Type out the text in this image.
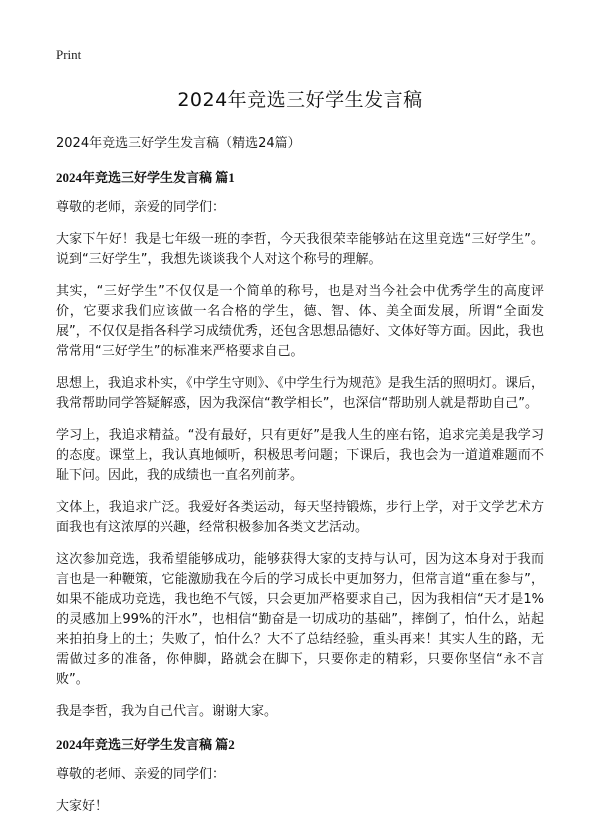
Print
2024年竞选三好学生发言稿

2024年竞选三好学生发言稿（精选24篇）

2024年竞选三好学生发言稿 篇1

尊敬的老师，亲爱的同学们：

大家下午好！我是七年级一班的李哲，今天我很荣幸能够站在这里竞选“三好学生”。说到“三好学生”，我想先谈谈我个人对这个称号的理解。

其实，“三好学生”不仅仅是一个简单的称号，也是对当今社会中优秀学生的高度评价，它要求我们应该做一名合格的学生，德、智、体、美全面发展，所谓“全面发展”，不仅仅是指各科学习成绩优秀，还包含思想品德好、文体好等方面。因此，我也常常用“三好学生”的标准来严格要求自己。

思想上，我追求朴实，《中学生守则》、《中学生行为规范》是我生活的照明灯。课后，我常帮助同学答疑解惑，因为我深信“教学相长”，也深信“帮助别人就是帮助自己”。

学习上，我追求精益。“没有最好，只有更好”是我人生的座右铭，追求完美是我学习的态度。课堂上，我认真地倾听，积极思考问题；下课后，我也会为一道道难题而不耻下问。因此，我的成绩也一直名列前茅。

文体上，我追求广泛。我爱好各类运动，每天坚持锻炼，步行上学，对于文学艺术方面我也有这浓厚的兴趣，经常积极参加各类文艺活动。

这次参加竞选，我希望能够成功，能够获得大家的支持与认可，因为这本身对于我而言也是一种鞭策，它能激励我在今后的学习成长中更加努力，但常言道“重在参与”，如果不能成功竞选，我也绝不气馁，只会更加严格要求自己，因为我相信“天才是1%的灵感加上99%的汗水”，也相信“勤奋是一切成功的基础”，摔倒了，怕什么，站起来拍拍身上的土；失败了，怕什么？大不了总结经验，重头再来！其实人生的路，无需做过多的准备，你伸脚，路就会在脚下，只要你走的精彩，只要你坚信“永不言败”。

我是李哲，我为自己代言。谢谢大家。

2024年竞选三好学生发言稿 篇2

尊敬的老师、亲爱的同学们：

大家好！
